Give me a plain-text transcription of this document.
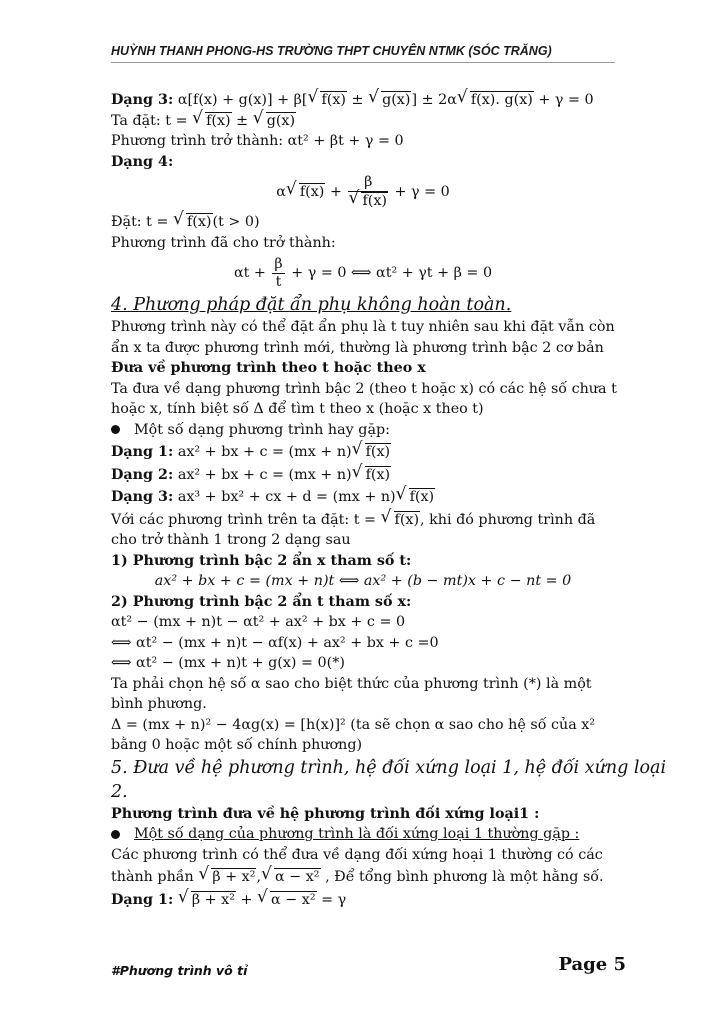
HUỲNH THANH PHONG-HS TRƯỜNG THPT CHUYÊN NTMK (SÓC TRĂNG)
Dạng 3: α[f(x) + g(x)] + β[ √ f(x) ± √ g(x)] ± 2α √ f(x). g(x) + γ = 0
Ta đặt: t = √ f(x) ± √ g(x)
Phương trình trở thành: αt² + βt + γ = 0
Dạng 4:
α √ f(x) + β
√ f(x) + γ = 0
Đặt: t = √ f(x)(t > 0)
Phương trình đã cho trở thành:
$\alpha t + \frac{\beta}{t} + \gamma = 0$ ⟺ αt² + γt + β = 0
4. Phương pháp đặt ẩn phụ không hoàn toàn.
Phương trình này có thể đặt ẩn phụ là t tuy nhiên sau khi đặt vẫn còn
ẩn x ta được phương trình mới, thường là phương trình bậc 2 cơ bản
Đưa về phương trình theo t hoặc theo x
Ta đưa về dạng phương trình bậc 2 (theo t hoặc x) có các hệ số chưa t
hoặc x, tính biệt số Δ để tìm t theo x (hoặc x theo t)
Một số dạng phương trình hay gặp:
Dạng 1: ax² + bx + c = (mx + n) √ f(x)
Dạng 2: ax² + bx + c = (mx + n) √ f(x)
Dạng 3: ax³ + bx² + cx + d = (mx + n) √ f(x)
Với các phương trình trên ta đặt: t = √ f(x), khi đó phương trình đã
cho trở thành 1 trong 2 dạng sau
1) Phương trình bậc 2 ẩn x tham số t:
ax² + bx + c = (mx + n)t ⟺ ax² + (b − mt)x + c − nt = 0
2) Phương trình bậc 2 ẩn t tham số x:
αt² − (mx + n)t − αt² + ax² + bx + c = 0
⟺ αt² − (mx + n)t − αf(x) + ax² + bx + c =0
⟺ αt² − (mx + n)t + g(x) = 0(*)
Ta phải chọn hệ số α sao cho biệt thức của phương trình (*) là một
bình phương.
Δ = (mx + n)² − 4αg(x) = [h(x)]² (ta sẽ chọn α sao cho hệ số của x²
bằng 0 hoặc một số chính phương)
5. Đưa về hệ phương trình, hệ đối xứng loại 1, hệ đối xứng loại
2.
Phương trình đưa về hệ phương trình đối xứng loại1 :
Một số dạng của phương trình là đối xứng loại 1 thường gặp :
Các phương trình có thể đưa về dạng đối xứng hoại 1 thường có các
thành phần √ β + x², √ α − x² , Để tổng bình phương là một hằng số.
Dạng 1: √ β + x² + √ α − x² = γ
#Phương trình vô tỉ	Page 5
